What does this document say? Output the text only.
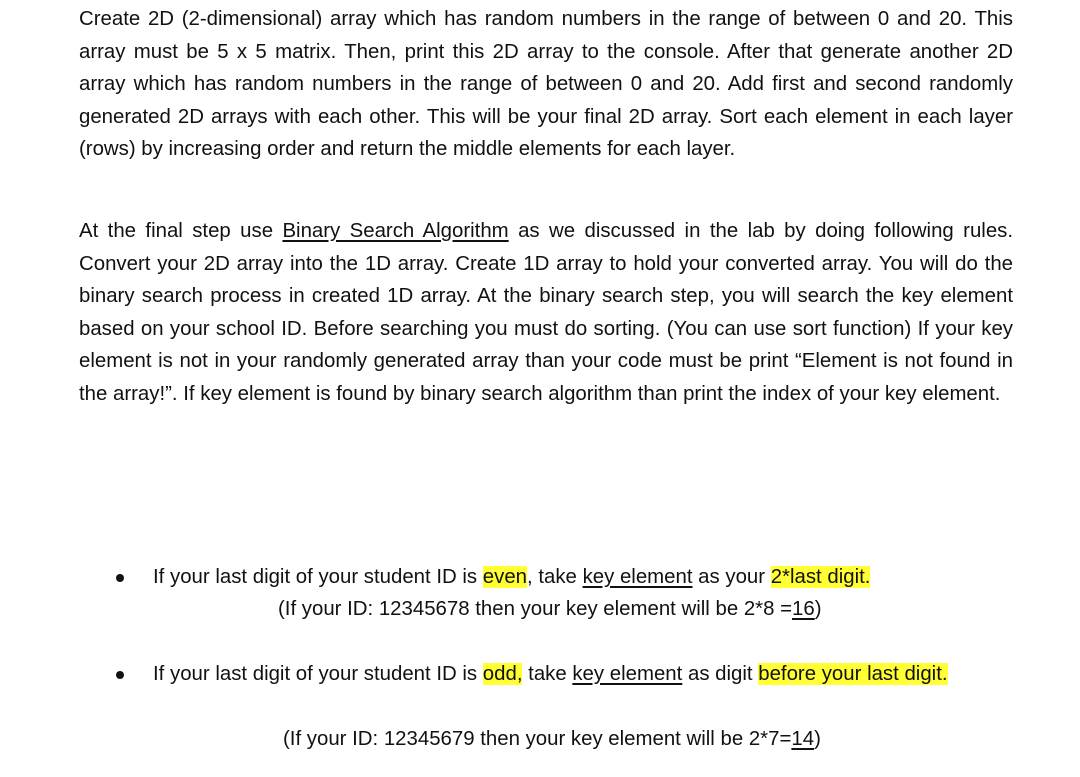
Create 2D (2-dimensional) array which has random numbers in the range of between 0 and 20. This array must be 5 x 5 matrix. Then, print this 2D array to the console. After that generate another 2D array which has random numbers in the range of between 0 and 20. Add first and second randomly generated 2D arrays with each other. This will be your final 2D array. Sort each element in each layer (rows) by increasing order and return the middle elements for each layer.

At the final step use Binary Search Algorithm as we discussed in the lab by doing following rules. Convert your 2D array into the 1D array. Create 1D array to hold your converted array. You will do the binary search process in created 1D array. At the binary search step, you will search the key element based on your school ID. Before searching you must do sorting. (You can use sort function) If your key element is not in your randomly generated array than your code must be print “Element is not found in the array!”. If key element is found by binary search algorithm than print the index of your key element.

If your last digit of your student ID is even, take key element as your 2*last digit.
(If your ID: 12345678 then your key element will be 2*8 =16)
If your last digit of your student ID is odd, take key element as digit before your last digit.
(If your ID: 12345679 then your key element will be 2*7=14)
